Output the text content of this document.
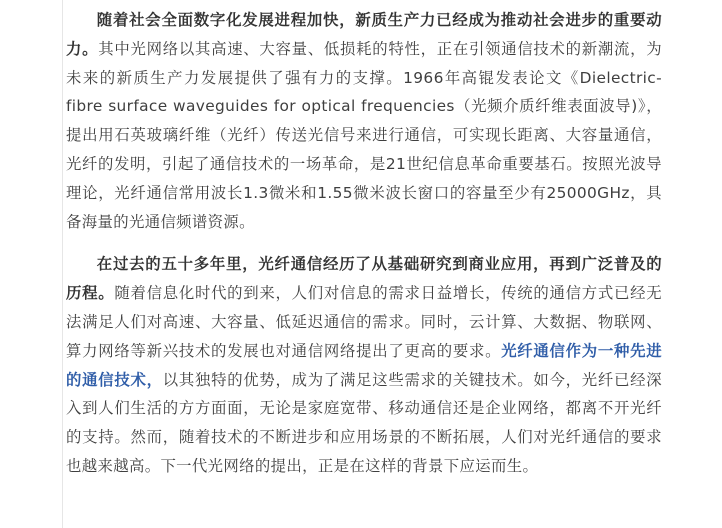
随着社会全面数字化发展进程加快，新质生产力已经成为推动社会进步的重要动力。其中光网络以其高速、大容量、低损耗的特性，正在引领通信技术的新潮流，为未来的新质生产力发展提供了强有力的支撑。1966年高锟发表论文《Dielectric-fibre surface waveguides for optical frequencies（光频介质纤维表面波导)》，提出用石英玻璃纤维（光纤）传送光信号来进行通信，可实现长距离、大容量通信，光纤的发明，引起了通信技术的一场革命，是21世纪信息革命重要基石。按照光波导理论，光纤通信常用波长1.3微米和1.55微米波长窗口的容量至少有25000GHz，具备海量的光通信频谱资源。

在过去的五十多年里，光纤通信经历了从基础研究到商业应用，再到广泛普及的历程。随着信息化时代的到来，人们对信息的需求日益增长，传统的通信方式已经无法满足人们对高速、大容量、低延迟通信的需求。同时，云计算、大数据、物联网、算力网络等新兴技术的发展也对通信网络提出了更高的要求。光纤通信作为一种先进的通信技术，以其独特的优势，成为了满足这些需求的关键技术。如今，光纤已经深入到人们生活的方方面面，无论是家庭宽带、移动通信还是企业网络，都离不开光纤的支持。然而，随着技术的不断进步和应用场景的不断拓展，人们对光纤通信的要求也越来越高。下一代光网络的提出，正是在这样的背景下应运而生。
